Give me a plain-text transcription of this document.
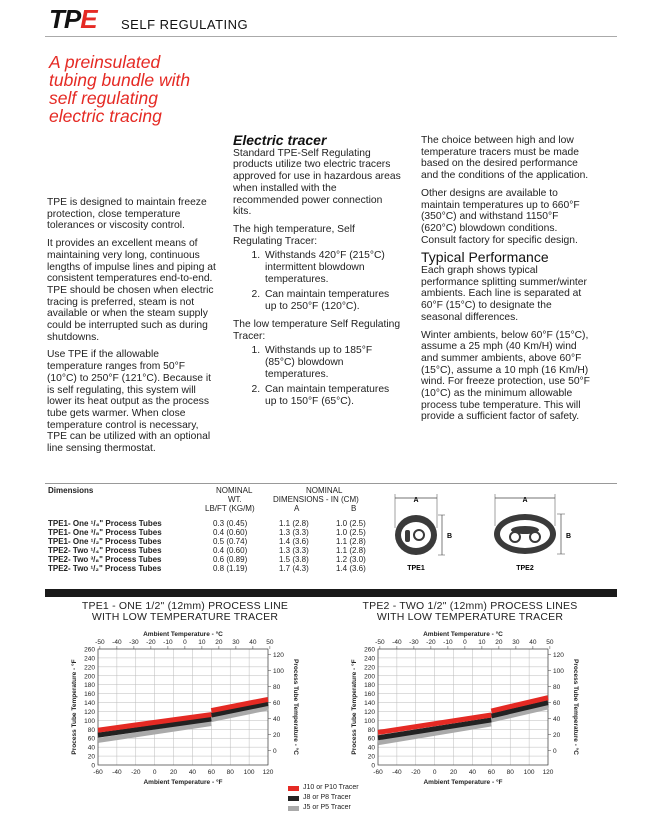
TPE SELF REGULATING
A preinsulated
tubing bundle with
self regulating
electric tracing

TPE is designed to maintain freeze protection, close temperature tolerances or viscosity control.

It provides an excellent means of maintaining very long, continuous lengths of impulse lines and piping at consistent temperatures end-to-end. TPE should be chosen when electric tracing is preferred, steam is not available or when the steam supply could be interrupted such as during shutdowns.

Use TPE if the allowable temperature ranges from 50°F (10°C) to 250°F (121°C). Because it is self regulating, this system will lower its heat output as the process tube gets warmer. When close temperature control is necessary, TPE can be utilized with an optional line sensing thermostat.

Electric tracer

Standard TPE-Self Regulating products utilize two electric tracers approved for use in hazardous areas when installed with the recommended power connection kits.

The high temperature, Self Regulating Tracer:

1. Withstands 420°F (215°C) intermittent blowdown temperatures.
2. Can maintain temperatures up to 250°F (120°C).

The low temperature Self Regulating Tracer:

1. Withstands up to 185°F (85°C) blowdown temperatures.
2. Can maintain temperatures up to 150°F (65°C).

The choice between high and low temperature tracers must be made based on the desired performance and the conditions of the application.

Other designs are available to maintain temperatures up to 660°F (350°C) and withstand 1150°F (620°C) blowdown conditions. Consult factory for specific design.

Typical Performance

Each graph shows typical performance splitting summer/winter ambients. Each line is separated at 60°F (15°C) to designate the seasonal differences.

Winter ambients, below 60°F (15°C), assume a 25 mph (40 Km/H) wind and summer ambients, above 60°F (15°C), assume a 10 mph (16 Km/H) wind. For freeze protection, use 50°F (10°C) as the minimum allowable process tube temperature. This will provide a sufficient factor of safety.

Dimensions	NOMINAL	NOMINAL
WT.	DIMENSIONS - IN (CM)
LB/FT (KG/M)	A	B
TPE1- One ¹/₄" Process Tubes	0.3 (0.45)	1.1 (2.8)	1.0 (2.5)
TPE1- One ³/₈" Process Tubes	0.4 (0.60)	1.3 (3.3)	1.0 (2.5)
TPE1- One ¹/₂" Process Tubes	0.5 (0.74)	1.4 (3.6)	1.1 (2.8)
TPE2- Two ¹/₄" Process Tubes	0.4 (0.60)	1.3 (3.3)	1.1 (2.8)
TPE2- Two ³/₈" Process Tubes	0.6 (0.89)	1.5 (3.8)	1.2 (3.0)
TPE2- Two ¹/₂" Process Tubes	0.8 (1.19)	1.7 (4.3)	1.4 (3.6)
A
B
TPE1
A
B
TPE2
TPE1 - ONE 1/2" (12mm) PROCESS LINE
WITH LOW TEMPERATURE TRACER
TPE2 - TWO 1/2" (12mm) PROCESS LINES
WITH LOW TEMPERATURE TRACER
0
20
40
60
80
100
120
140
160
180
200
220
240
260
-60 -40 -20 0 20 40 60 80 100 120
-50 -40 -30 -20 -10 0 10 20 30 40 50
0
20
40
60
80
100
120
Ambient Temperature - °F
Ambient Temperature - °C
Process Tube Temperature - °F	Process Tube Temperature - °C
0
20
40
60
80
100
120
140
160
180
200
220
240
260
-60 -40 -20 0 20 40 60 80 100 120
-50 -40 -30 -20 -10 0 10 20 30 40 50
0
20
40
60
80
100
120
Ambient Temperature - °F
Ambient Temperature - °C
Process Tube Temperature - °F	Process Tube Temperature - °C
J10 or P10 Tracer
J8 or P8 Tracer
J5 or P5 Tracer
